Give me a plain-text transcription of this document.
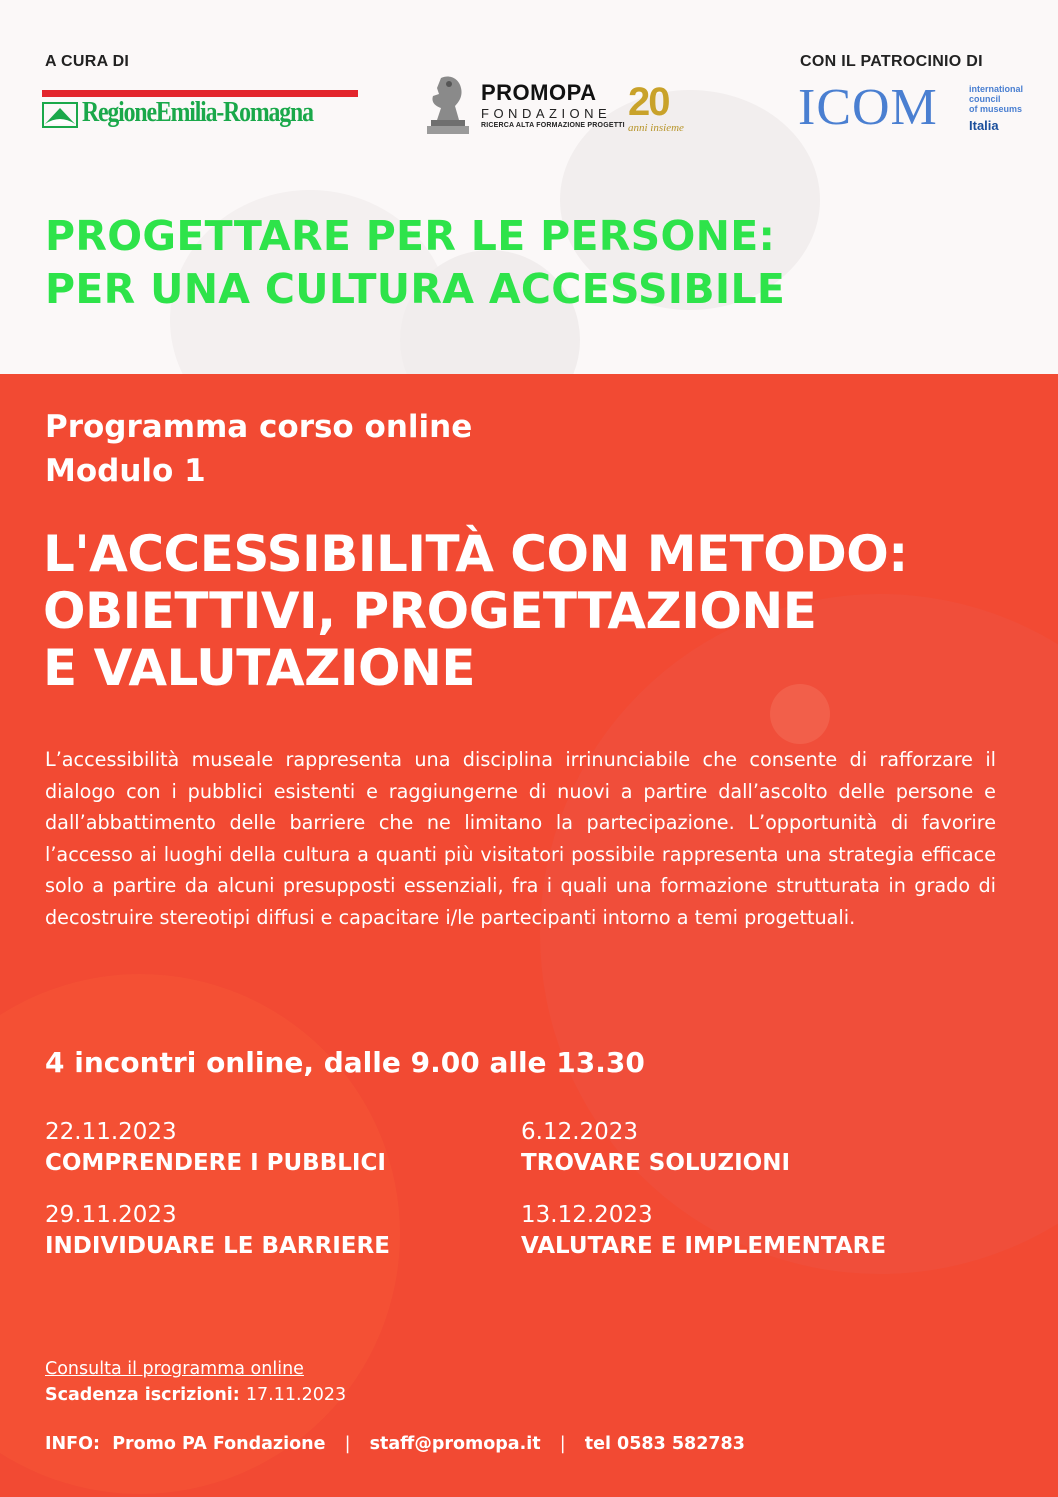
A CURA DI	CON IL PATROCINIO DI
RegioneEmilia-Romagna
PROMOPA
FONDAZIONE
RICERCA ALTA FORMAZIONE PROGETTI
20
anni insieme ICOM	international
council
of museums
Italia
PROGETTARE PER LE PERSONE:
PER UNA CULTURA ACCESSIBILE
Programma corso online
Modulo 1
L'ACCESSIBILITÀ CON METODO:
OBIETTIVI, PROGETTAZIONE
E VALUTAZIONE

L’accessibilità museale rappresenta una disciplina irrinunciabile che consente di rafforzare il dialogo con i pubblici esistenti e raggiungerne di nuovi a partire dall’ascolto delle persone e dall’abbattimento delle barriere che ne limitano la partecipazione. L’opportunità di favorire l’accesso ai luoghi della cultura a quanti più visitatori possibile rappresenta una strategia efficace solo a partire da alcuni presupposti essenziali, fra i quali una formazione strutturata in grado di decostruire stereotipi diffusi e capacitare i/le partecipanti intorno a temi progettuali.

4 incontri online, dalle 9.00 alle 13.30
22.11.2023
COMPRENDERE I PUBBLICI
6.12.2023
TROVARE SOLUZIONI
29.11.2023
INDIVIDUARE LE BARRIERE
13.12.2023
VALUTARE E IMPLEMENTARE
Consulta il programma online
Scadenza iscrizioni: 17.11.2023
INFO: Promo PA Fondazione | staff@promopa.it | tel 0583 582783
